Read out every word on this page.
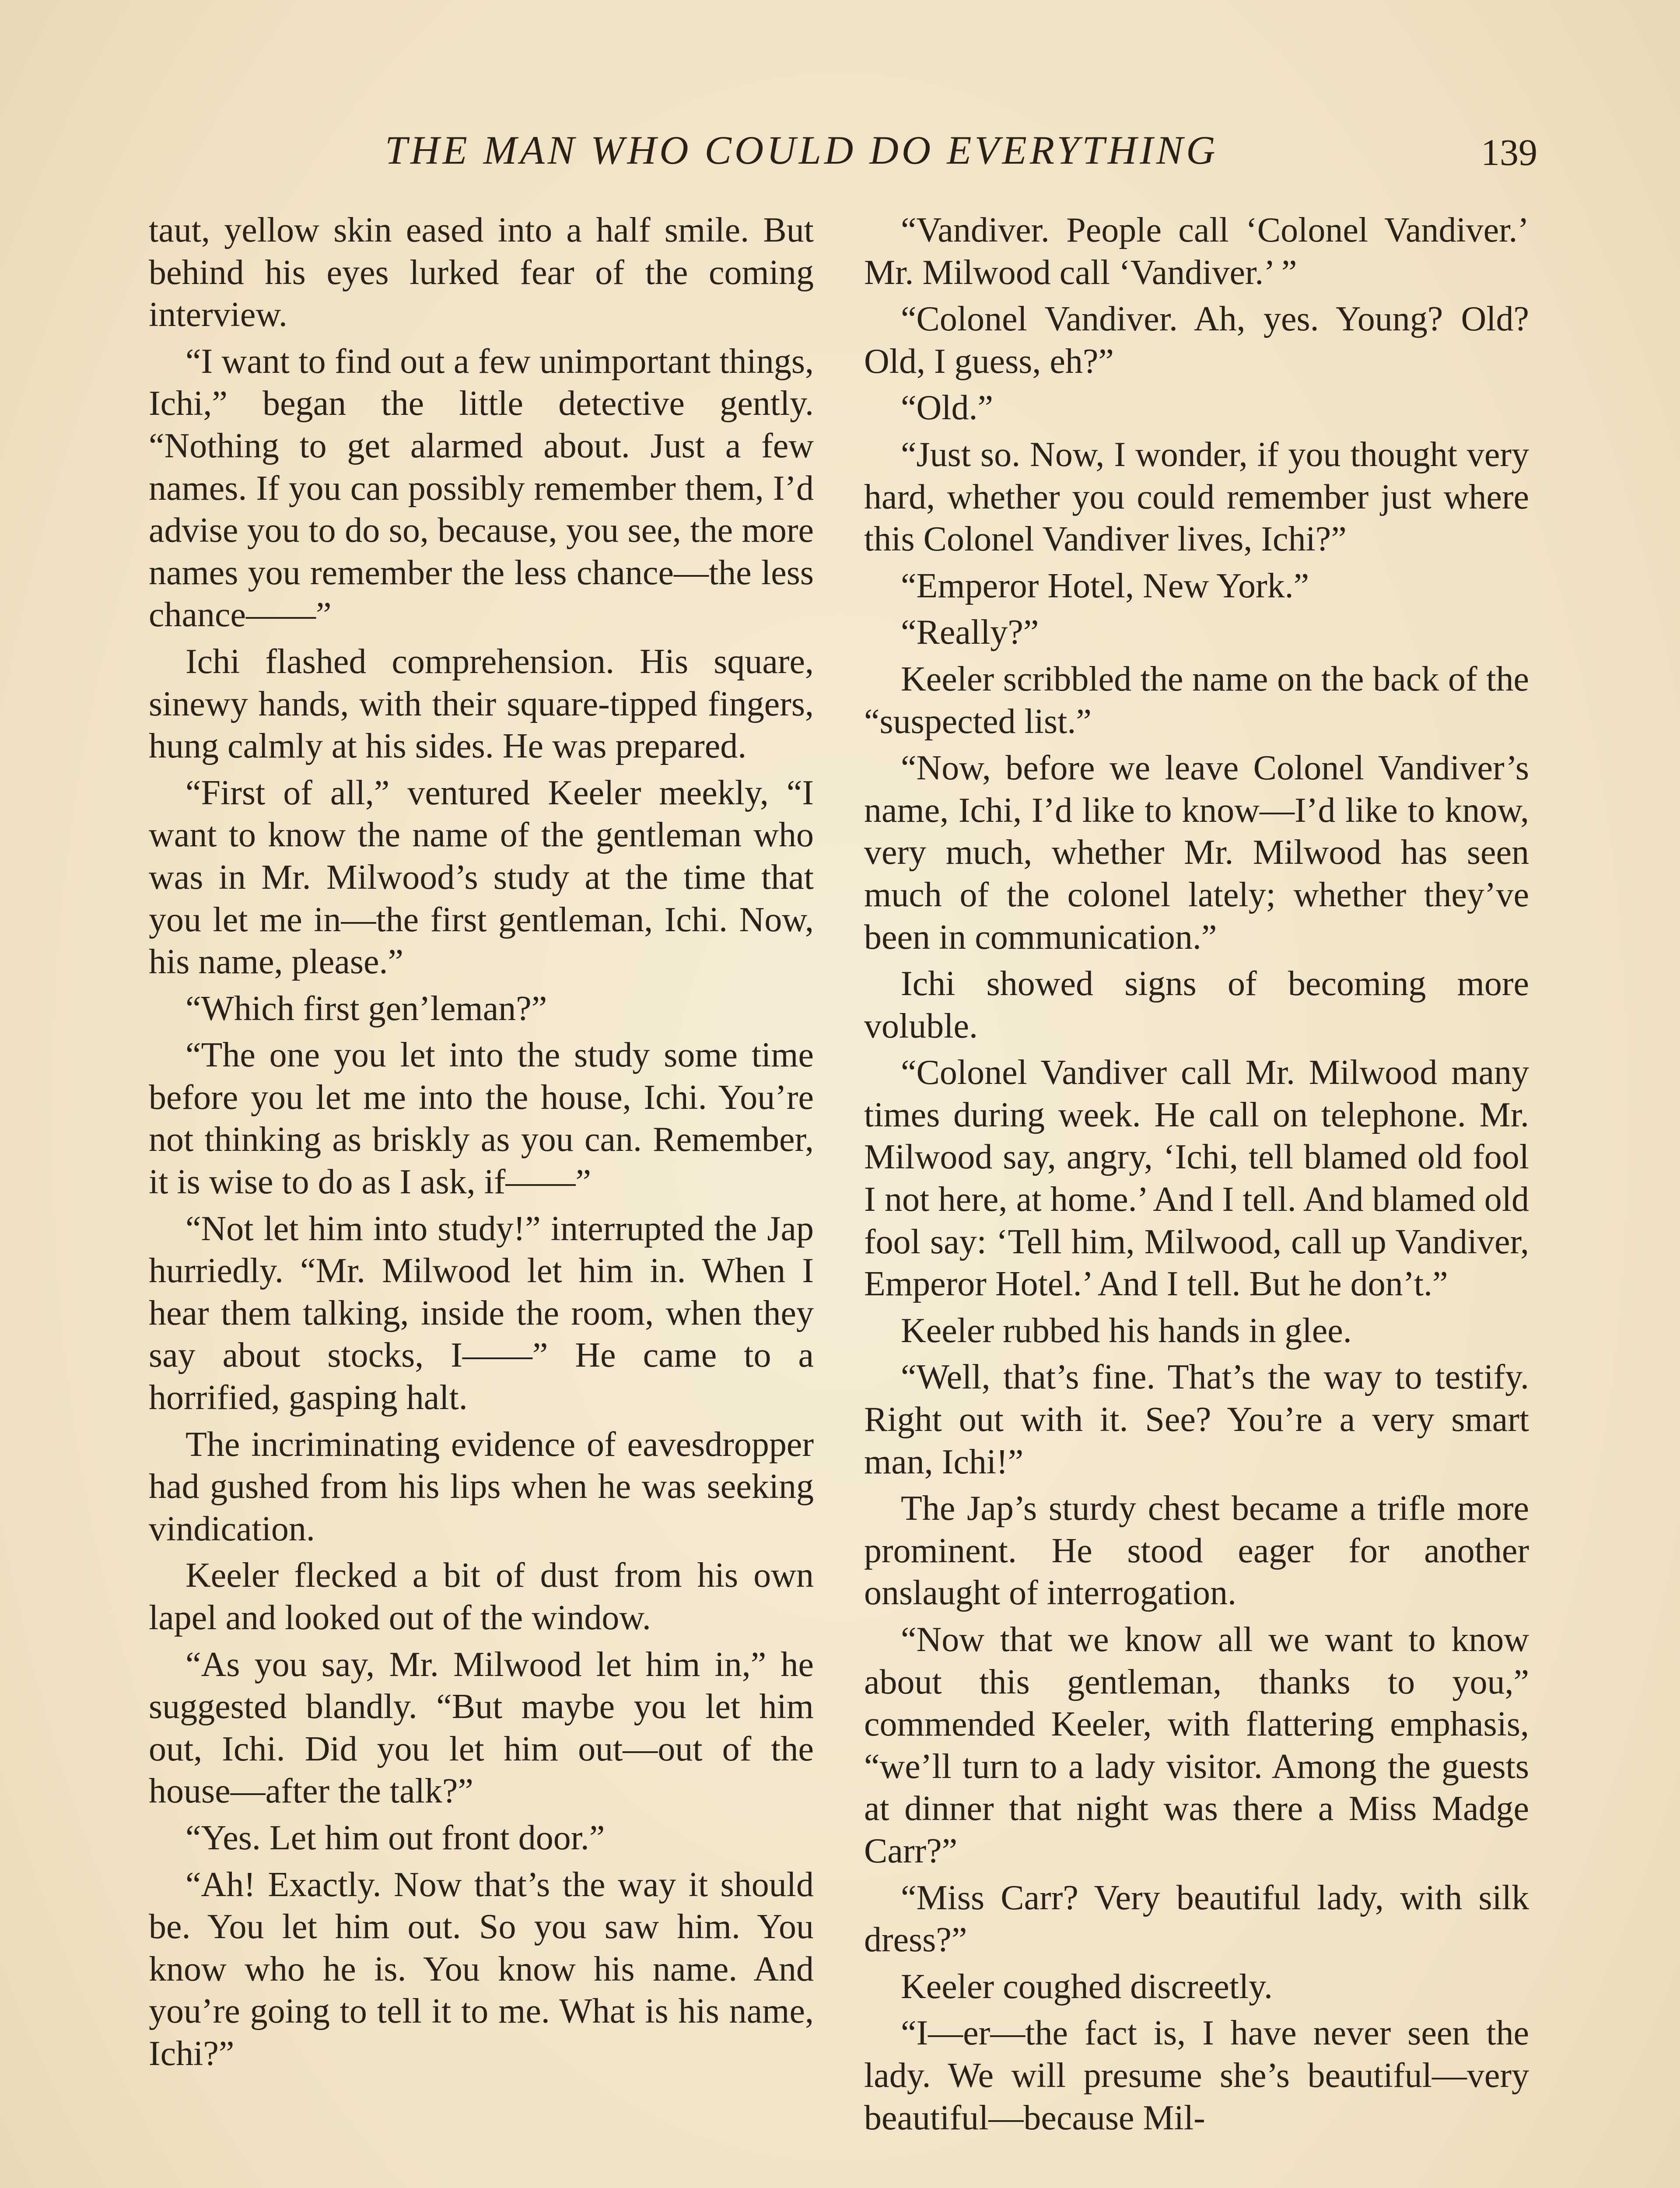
THE MAN WHO COULD DO EVERYTHING	139

taut, yellow skin eased into a half smile. But behind his eyes lurked fear of the coming interview.

“I want to find out a few unimportant things, Ichi,” began the little detective gently. “Nothing to get alarmed about. Just a few names. If you can possibly remember them, I’d advise you to do so, because, you see, the more names you remember the less chance—the less chance——”

Ichi flashed comprehension. His square, sinewy hands, with their square-tipped fingers, hung calmly at his sides. He was prepared.

“First of all,” ventured Keeler meekly, “I want to know the name of the gentleman who was in Mr. Milwood’s study at the time that you let me in—the first gentleman, Ichi. Now, his name, please.”

“Which first gen’leman?”

“The one you let into the study some time before you let me into the house, Ichi. You’re not thinking as briskly as you can. Remember, it is wise to do as I ask, if——”

“Not let him into study!” interrupted the Jap hurriedly. “Mr. Milwood let him in. When I hear them talking, inside the room, when they say about stocks, I——” He came to a horrified, gasping halt.

The incriminating evidence of eavesdropper had gushed from his lips when he was seeking vindication.

Keeler flecked a bit of dust from his own lapel and looked out of the window.

“As you say, Mr. Milwood let him in,” he suggested blandly. “But maybe you let him out, Ichi. Did you let him out—out of the house—after the talk?”

“Yes. Let him out front door.”

“Ah! Exactly. Now that’s the way it should be. You let him out. So you saw him. You know who he is. You know his name. And you’re going to tell it to me. What is his name, Ichi?”

“Vandiver. People call ‘Colonel Vandiver.’ Mr. Milwood call ‘Vandiver.’ ”

“Colonel Vandiver. Ah, yes. Young? Old? Old, I guess, eh?”

“Old.”

“Just so. Now, I wonder, if you thought very hard, whether you could remember just where this Colonel Vandiver lives, Ichi?”

“Emperor Hotel, New York.”

“Really?”

Keeler scribbled the name on the back of the “suspected list.”

“Now, before we leave Colonel Vandiver’s name, Ichi, I’d like to know—I’d like to know, very much, whether Mr. Milwood has seen much of the colonel lately; whether they’ve been in communication.”

Ichi showed signs of becoming more voluble.

“Colonel Vandiver call Mr. Milwood many times during week. He call on telephone. Mr. Milwood say, angry, ‘Ichi, tell blamed old fool I not here, at home.’ And I tell. And blamed old fool say: ‘Tell him, Milwood, call up Vandiver, Emperor Hotel.’ And I tell. But he don’t.”

Keeler rubbed his hands in glee.

“Well, that’s fine. That’s the way to testify. Right out with it. See? You’re a very smart man, Ichi!”

The Jap’s sturdy chest became a trifle more prominent. He stood eager for another onslaught of interrogation.

“Now that we know all we want to know about this gentleman, thanks to you,” commended Keeler, with flattering emphasis, “we’ll turn to a lady visitor. Among the guests at dinner that night was there a Miss Madge Carr?”

“Miss Carr? Very beautiful lady, with silk dress?”

Keeler coughed discreetly.

“I—er—the fact is, I have never seen the lady. We will presume she’s beautiful—very beautiful—because Mil-
